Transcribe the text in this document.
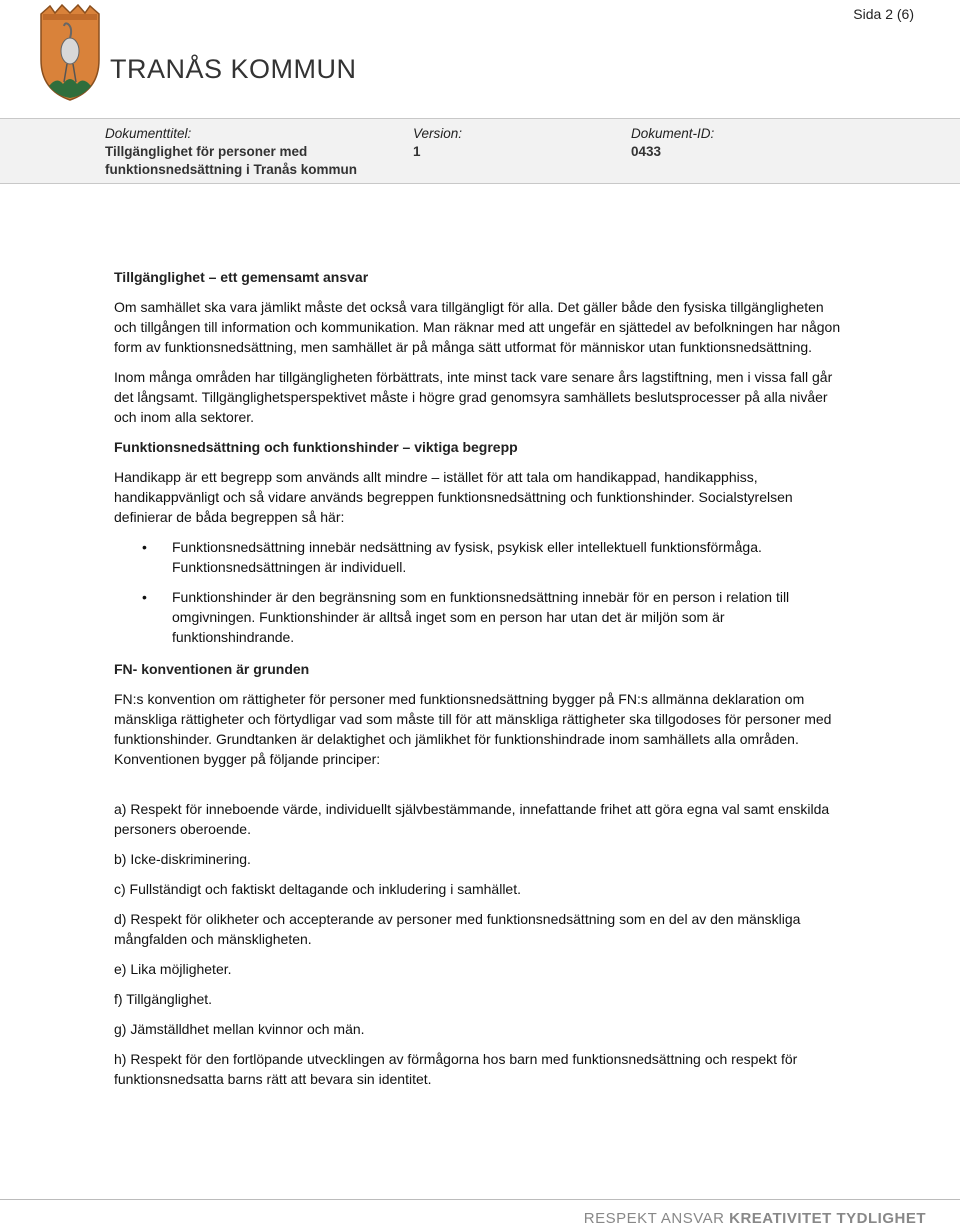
Sida 2 (6)
TRANÅS KOMMUN
Dokumenttitel:
Tillgänglighet för personer med funktionsnedsättning i Tranås kommun
Version:
1
Dokument-ID:
0433
Tillgänglighet – ett gemensamt ansvar

Om samhället ska vara jämlikt måste det också vara tillgängligt för alla. Det gäller både den fysiska tillgängligheten och tillgången till information och kommunikation. Man räknar med att ungefär en sjättedel av befolkningen har någon form av funktionsnedsättning, men samhället är på många sätt utformat för människor utan funktionsnedsättning.

Inom många områden har tillgängligheten förbättrats, inte minst tack vare senare års lagstiftning, men i vissa fall går det långsamt. Tillgänglighetsperspektivet måste i högre grad genomsyra samhällets beslutsprocesser på alla nivåer och inom alla sektorer.

Funktionsnedsättning och funktionshinder – viktiga begrepp

Handikapp är ett begrepp som används allt mindre – istället för att tala om handikappad, handikapphiss, handikappvänligt och så vidare används begreppen funktionsnedsättning och funktionshinder. Socialstyrelsen definierar de båda begreppen så här:

• Funktionsnedsättning innebär nedsättning av fysisk, psykisk eller intellektuell funktionsförmåga. Funktionsnedsättningen är individuell.
• Funktionshinder är den begränsning som en funktionsnedsättning innebär för en person i relation till omgivningen. Funktionshinder är alltså inget som en person har utan det är miljön som är funktionshindrande.
FN- konventionen är grunden

FN:s konvention om rättigheter för personer med funktionsnedsättning bygger på FN:s allmänna deklaration om mänskliga rättigheter och förtydligar vad som måste till för att mänskliga rättigheter ska tillgodoses för personer med funktionshinder. Grundtanken är delaktighet och jämlikhet för funktionshindrade inom samhällets alla områden. Konventionen bygger på följande principer:

a) Respekt för inneboende värde, individuellt självbestämmande, innefattande frihet att göra egna val samt enskilda personers oberoende.

b) Icke-diskriminering.

c) Fullständigt och faktiskt deltagande och inkludering i samhället.

d) Respekt för olikheter och accepterande av personer med funktionsnedsättning som en del av den mänskliga mångfalden och mänskligheten.

e) Lika möjligheter.

f) Tillgänglighet.

g) Jämställdhet mellan kvinnor och män.

h) Respekt för den fortlöpande utvecklingen av förmågorna hos barn med funktionsnedsättning och respekt för funktionsnedsatta barns rätt att bevara sin identitet.

RESPEKT ANSVAR KREATIVITET TYDLIGHET
